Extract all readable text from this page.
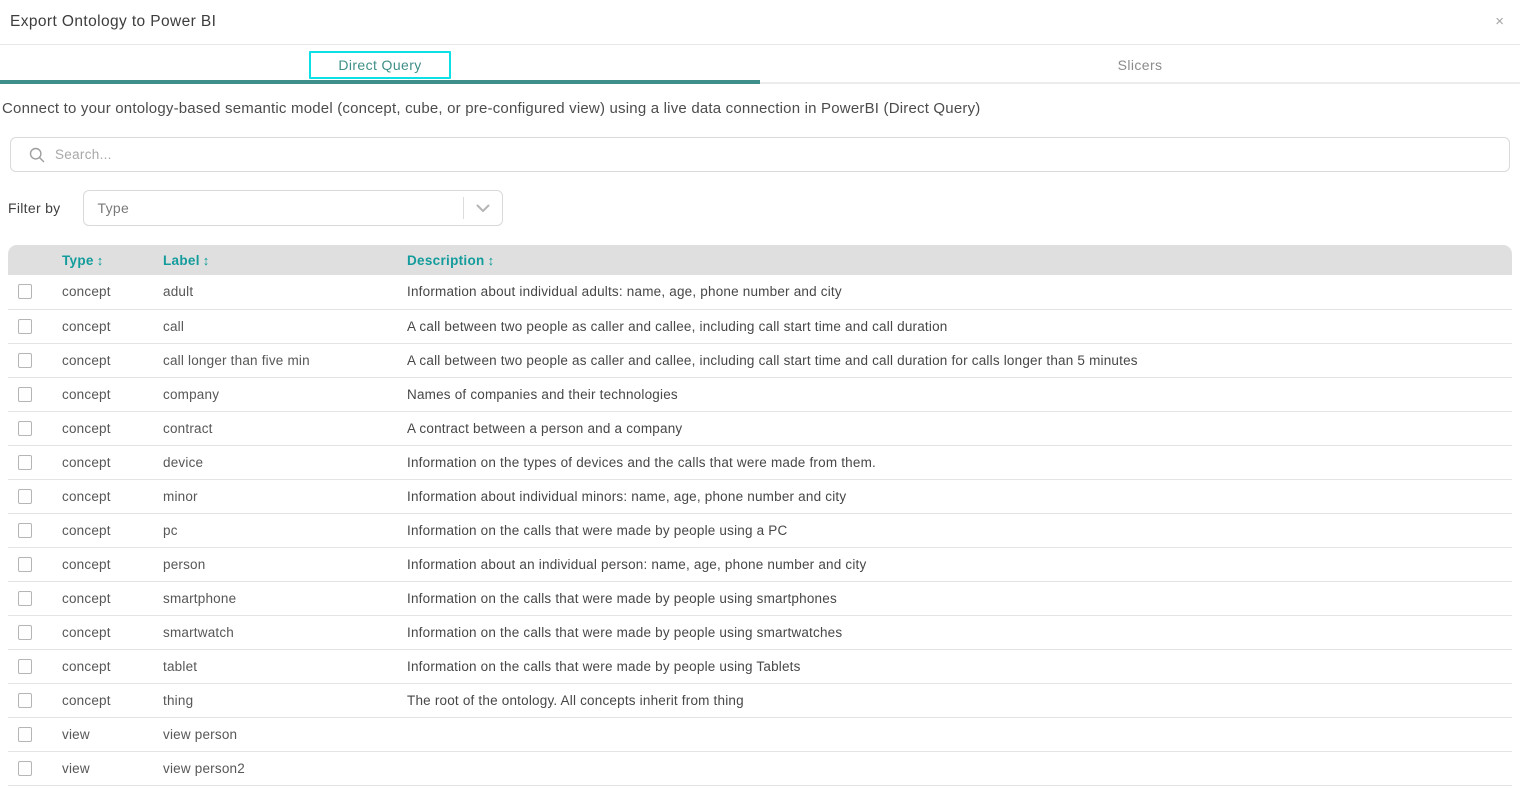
Export Ontology to Power BI	×
Direct Query	Slicers
Connect to your ontology-based semantic model (concept, cube, or pre-configured view) using a live data connection in PowerBI (Direct Query)
Search...
Filter by	Type
	Type ↕	Label ↕	Description ↕

	concept	adult	Information about individual adults: name, age, phone number and city

	concept	call	A call between two people as caller and callee, including call start time and call duration

	concept	call longer than five min	A call between two people as caller and callee, including call start time and call duration for calls longer than 5 minutes

	concept	company	Names of companies and their technologies

	concept	contract	A contract between a person and a company

	concept	device	Information on the types of devices and the calls that were made from them.

	concept	minor	Information about individual minors: name, age, phone number and city

	concept	pc	Information on the calls that were made by people using a PC

	concept	person	Information about an individual person: name, age, phone number and city

	concept	smartphone	Information on the calls that were made by people using smartphones

	concept	smartwatch	Information on the calls that were made by people using smartwatches

	concept	tablet	Information on the calls that were made by people using Tablets

	concept	thing	The root of the ontology. All concepts inherit from thing

	view	view person	

	view	view person2	
